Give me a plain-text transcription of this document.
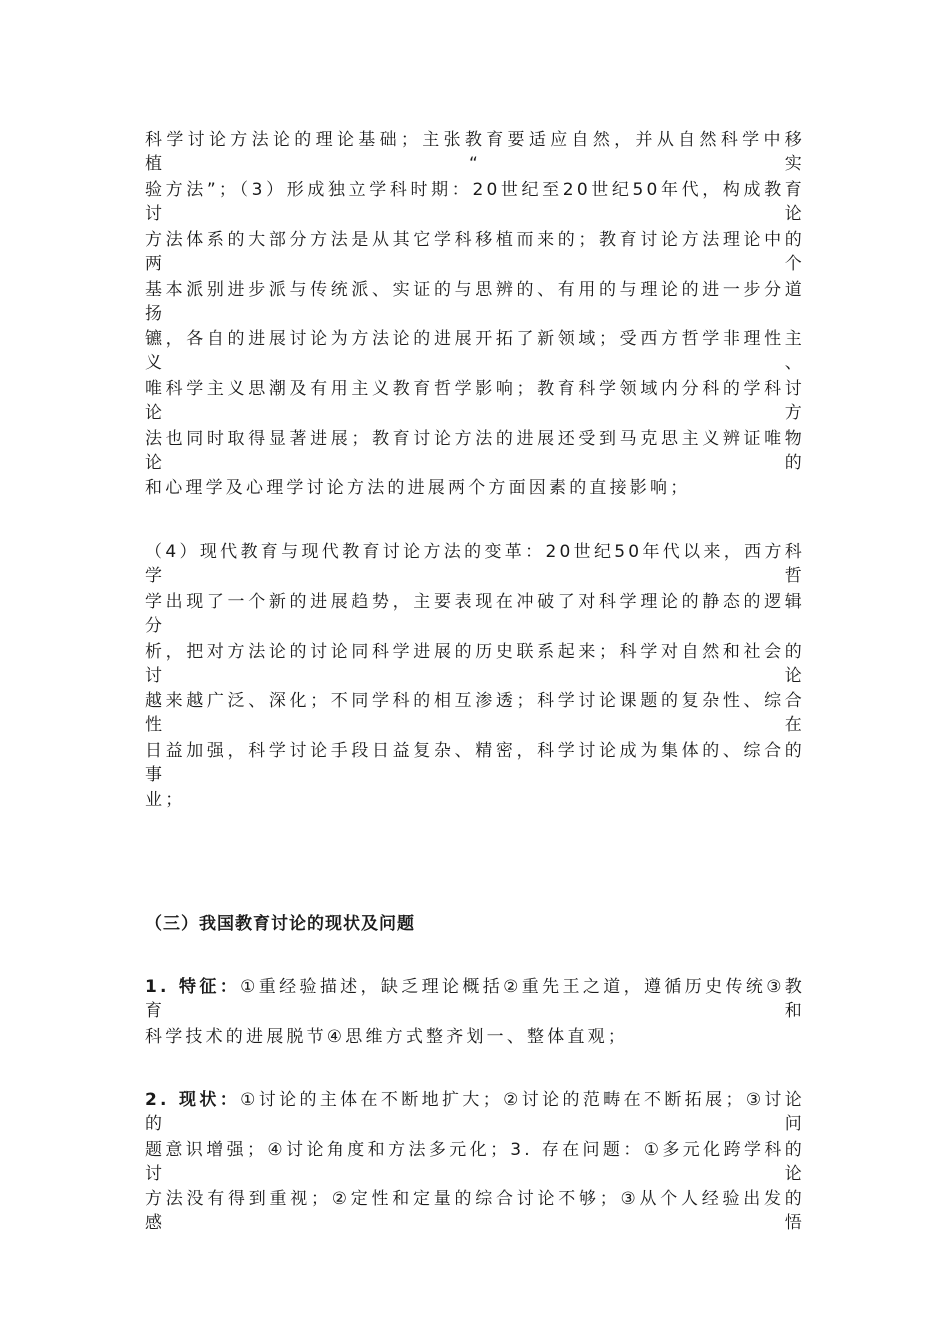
科学讨论方法论的理论基础；主张教育要适应自然，并从自然科学中移植“实
验方法”；（3）形成独立学科时期：20世纪至20世纪50年代，构成教育讨论
方法体系的大部分方法是从其它学科移植而来的；教育讨论方法理论中的两个
基本派别进步派与传统派、实证的与思辨的、有用的与理论的进一步分道扬
镳，各自的进展讨论为方法论的进展开拓了新领域；受西方哲学非理性主义、
唯科学主义思潮及有用主义教育哲学影响；教育科学领域内分科的学科讨论方
法也同时取得显著进展；教育讨论方法的进展还受到马克思主义辨证唯物论的
和心理学及心理学讨论方法的进展两个方面因素的直接影响；
（4）现代教育与现代教育讨论方法的变革：20世纪50年代以来，西方科学哲
学出现了一个新的进展趋势，主要表现在冲破了对科学理论的静态的逻辑分
析，把对方法论的讨论同科学进展的历史联系起来；科学对自然和社会的讨论
越来越广泛、深化；不同学科的相互渗透；科学讨论课题的复杂性、综合性在
日益加强，科学讨论手段日益复杂、精密，科学讨论成为集体的、综合的事
业；
（三）我国教育讨论的现状及问题
1. 特征：①重经验描述，缺乏理论概括②重先王之道，遵循历史传统③教育和
科学技术的进展脱节④思维方式整齐划一、整体直观；
2. 现状：①讨论的主体在不断地扩大；②讨论的范畴在不断拓展；③讨论的问
题意识增强；④讨论角度和方法多元化；3. 存在问题：①多元化跨学科的讨论
方法没有得到重视；②定性和定量的综合讨论不够；③从个人经验出发的感悟
